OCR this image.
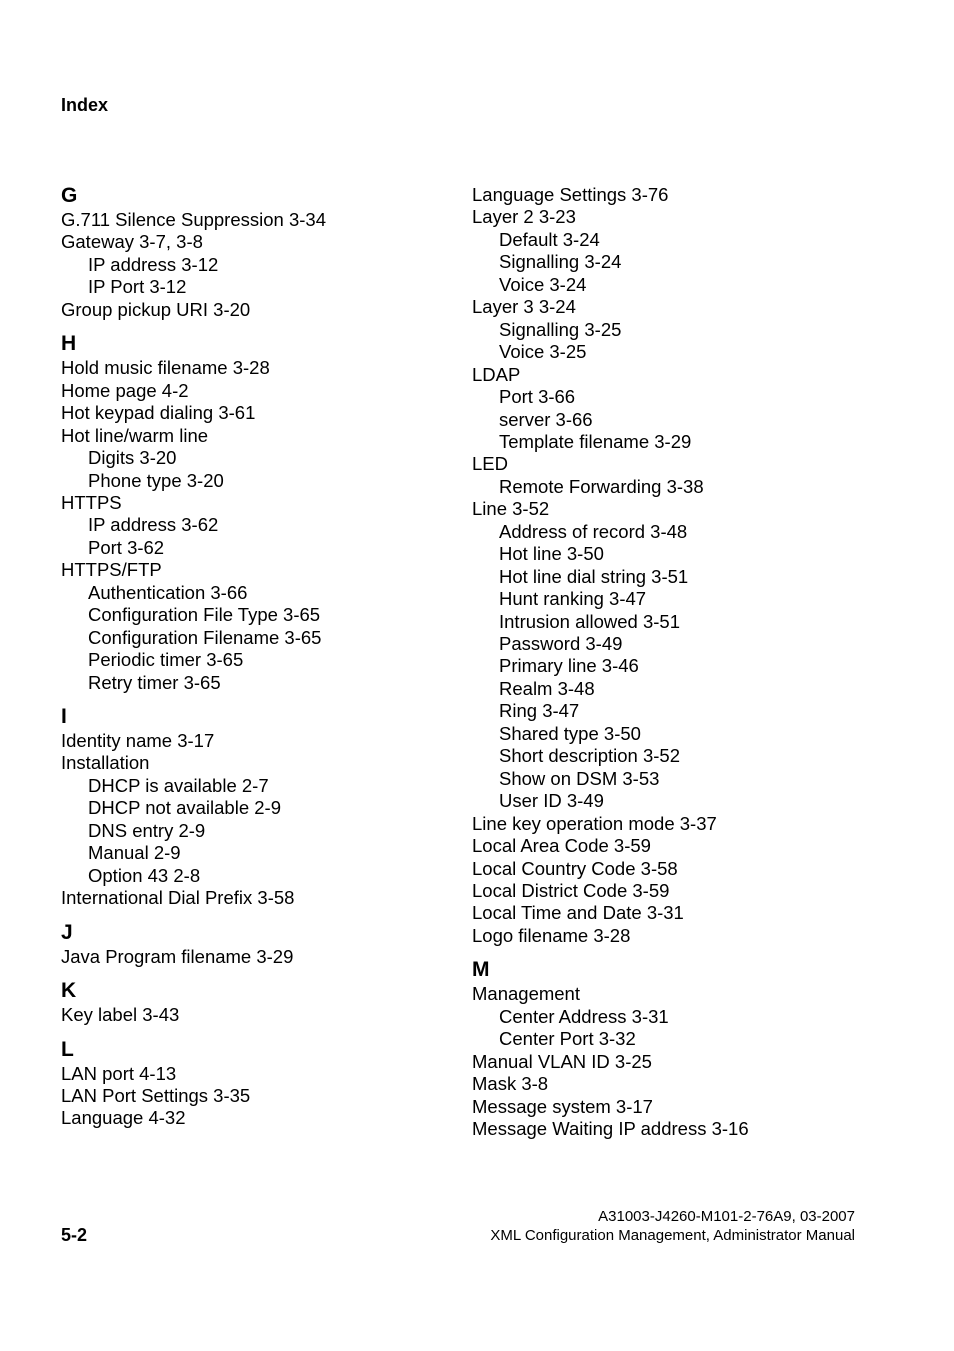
Index
G
G.711 Silence Suppression 3-34
Gateway 3-7, 3-8
IP address 3-12
IP Port 3-12
Group pickup URI 3-20
H
Hold music filename 3-28
Home page 4-2
Hot keypad dialing 3-61
Hot line/warm line
Digits 3-20
Phone type 3-20
HTTPS
IP address 3-62
Port 3-62
HTTPS/FTP
Authentication 3-66
Configuration File Type 3-65
Configuration Filename 3-65
Periodic timer 3-65
Retry timer 3-65
I
Identity name 3-17
Installation
DHCP is available 2-7
DHCP not available 2-9
DNS entry 2-9
Manual 2-9
Option 43 2-8
International Dial Prefix 3-58
J
Java Program filename 3-29
K
Key label 3-43
L
LAN port 4-13
LAN Port Settings 3-35
Language 4-32
Language Settings 3-76
Layer 2 3-23
Default 3-24
Signalling 3-24
Voice 3-24
Layer 3 3-24
Signalling 3-25
Voice 3-25
LDAP
Port 3-66
server 3-66
Template filename 3-29
LED
Remote Forwarding 3-38
Line 3-52
Address of record 3-48
Hot line 3-50
Hot line dial string 3-51
Hunt ranking 3-47
Intrusion allowed 3-51
Password 3-49
Primary line 3-46
Realm 3-48
Ring 3-47
Shared type 3-50
Short description 3-52
Show on DSM 3-53
User ID 3-49
Line key operation mode 3-37
Local Area Code 3-59
Local Country Code 3-58
Local District Code 3-59
Local Time and Date 3-31
Logo filename 3-28
M
Management
Center Address 3-31
Center Port 3-32
Manual VLAN ID 3-25
Mask 3-8
Message system 3-17
Message Waiting IP address 3-16
5-2
A31003-J4260-M101-2-76A9, 03-2007
XML Configuration Management, Administrator Manual
